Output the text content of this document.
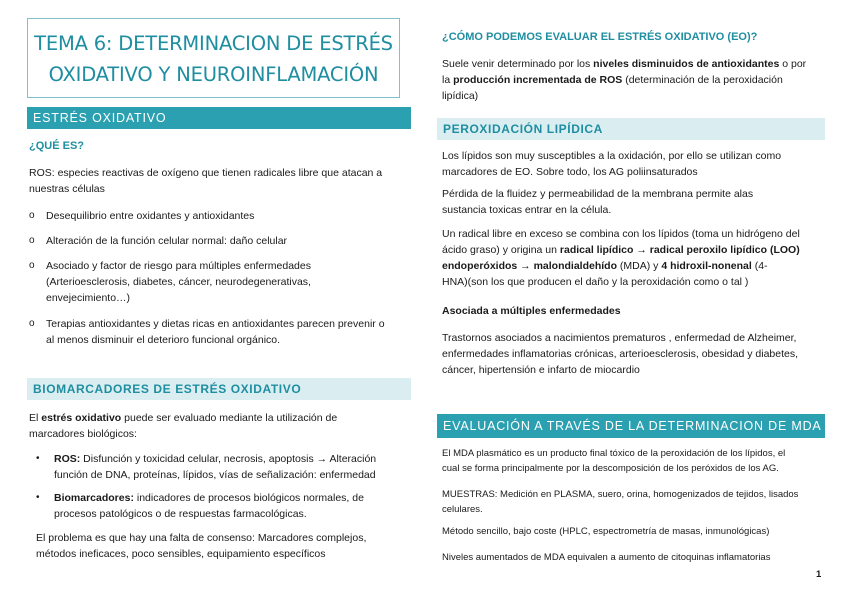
TEMA 6: DETERMINACION DE ESTRÉS
OXIDATIVO Y NEUROINFLAMACIÓN
ESTRÉS OXIDATIVO
¿QUÉ ES?
ROS: especies reactivas de oxígeno que tienen radicales libre que atacan a
nuestras células
o Desequilibrio entre oxidantes y antioxidantes
o Alteración de la función celular normal: daño celular
o Asociado y factor de riesgo para múltiples enfermedades
(Arterioesclerosis, diabetes, cáncer, neurodegenerativas,
envejecimiento…)
o Terapias antioxidantes y dietas ricas en antioxidantes parecen prevenir o
al menos disminuir el deterioro funcional orgánico.
BIOMARCADORES DE ESTRÉS OXIDATIVO
El estrés oxidativo puede ser evaluado mediante la utilización de
marcadores biológicos:
• ROS: Disfunción y toxicidad celular, necrosis, apoptosis → Alteración
función de DNA, proteínas, lípidos, vías de señalización: enfermedad
• Biomarcadores: indicadores de procesos biológicos normales, de
procesos patológicos o de respuestas farmacológicas.
El problema es que hay una falta de consenso: Marcadores complejos,
métodos ineficaces, poco sensibles, equipamiento específicos
¿CÓMO PODEMOS EVALUAR EL ESTRÉS OXIDATIVO (EO)?
Suele venir determinado por los niveles disminuidos de antioxidantes o por
la producción incrementada de ROS (determinación de la peroxidación
lipídica)
PEROXIDACIÓN LIPÍDICA
Los lípidos son muy susceptibles a la oxidación, por ello se utilizan como
marcadores de EO. Sobre todo, los AG poliinsaturados
Pérdida de la fluidez y permeabilidad de la membrana permite alas
sustancia toxicas entrar en la célula.
Un radical libre en exceso se combina con los lípidos (toma un hidrógeno del
ácido graso) y origina un radical lipídico → radical peroxilo lipídico (LOO)
endoperóxidos → malondialdehído (MDA) y 4 hidroxil-nonenal (4-
HNA)(son los que producen el daño y la peroxidación como o tal )
Asociada a múltiples enfermedades
Trastornos asociados a nacimientos prematuros , enfermedad de Alzheimer,
enfermedades inflamatorias crónicas, arterioesclerosis, obesidad y diabetes,
cáncer, hipertensión e infarto de miocardio
EVALUACIÓN A TRAVÉS DE LA DETERMINACION DE MDA
El MDA plasmático es un producto final tóxico de la peroxidación de los lípidos, el
cual se forma principalmente por la descomposición de los peróxidos de los AG.
MUESTRAS: Medición en PLASMA, suero, orina, homogenizados de tejidos, lisados
celulares.
Método sencillo, bajo coste (HPLC, espectrometría de masas, inmunológicas)
Niveles aumentados de MDA equivalen a aumento de citoquinas inflamatorias
1
